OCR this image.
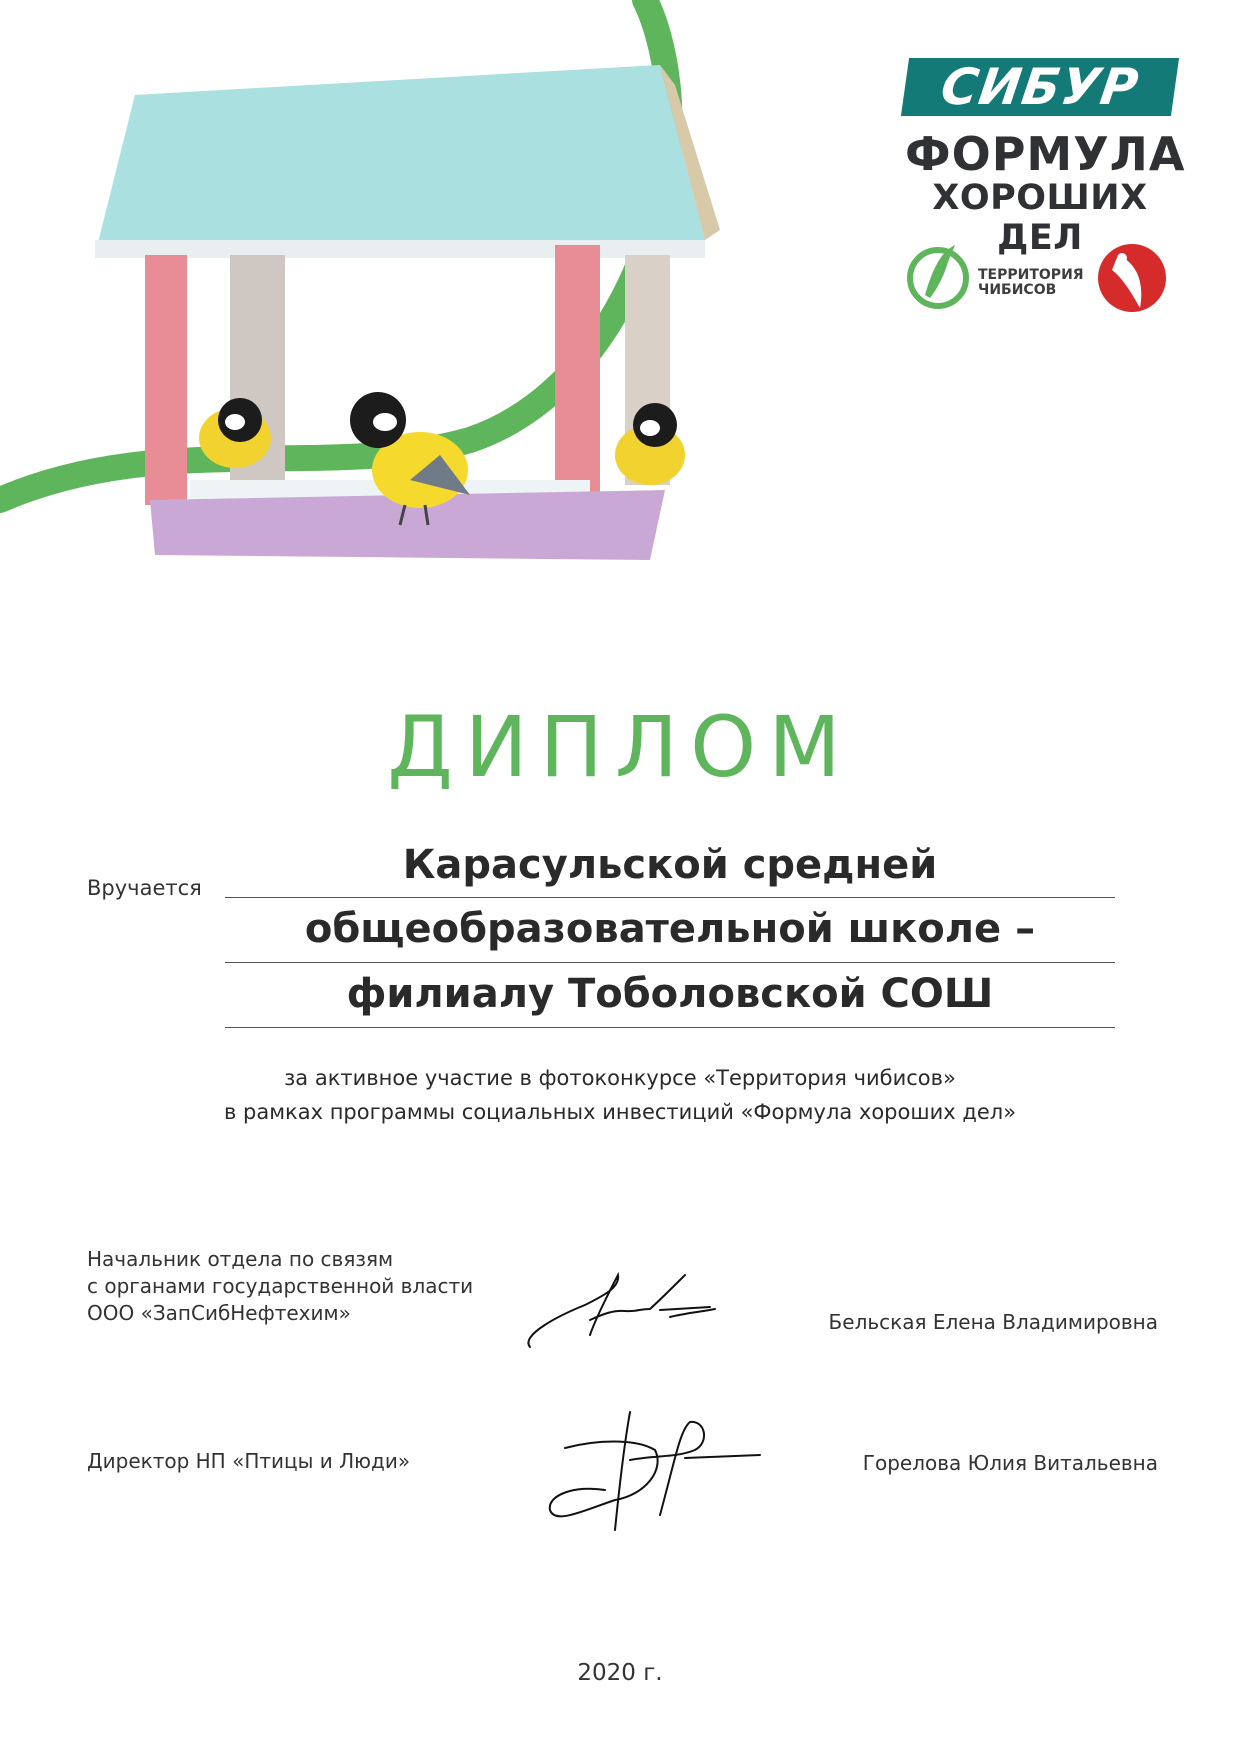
СИБУР
ФОРМУЛА
ХОРОШИХ ДЕЛ
ТЕРРИТОРИЯ ЧИБИСОВ
ДИПЛОМ
Вручается	Карасульской средней
общеобразовательной школе –
филиалу Тоболовской СОШ
за активное участие в фотоконкурсе «Территория чибисов»
в рамках программы социальных инвестиций «Формула хороших дел»
Начальник отдела по связям
с органами государственной власти
ООО «ЗапСибНефтехим»	Бельская Елена Владимировна
Директор НП «Птицы и Люди»	Горелова Юлия Витальевна
2020 г.
